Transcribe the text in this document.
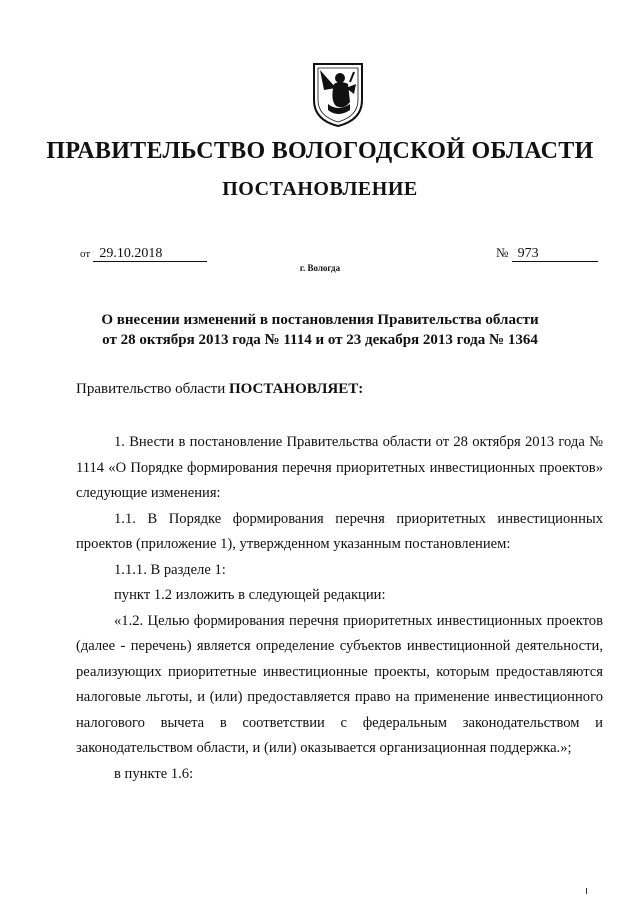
ПРАВИТЕЛЬСТВО ВОЛОГОДСКОЙ ОБЛАСТИ
ПОСТАНОВЛЕНИЕ
от 29.10.2018	№ 973
г. Вологда
О внесении изменений в постановления Правительства области
от 28 октября 2013 года № 1114 и от 23 декабря 2013 года № 1364
Правительство области ПОСТАНОВЛЯЕТ:

1. Внести в постановление Правительства области от 28 октября 2013 года № 1114 «О Порядке формирования перечня приоритетных инвестиционных проектов» следующие изменения:

1.1. В Порядке формирования перечня приоритетных инвестиционных проектов (приложение 1), утвержденном указанным постановлением:

1.1.1. В разделе 1:

пункт 1.2 изложить в следующей редакции:

«1.2. Целью формирования перечня приоритетных инвестиционных проектов (далее - перечень) является определение субъектов инвестиционной деятельности, реализующих приоритетные инвестиционные проекты, которым предоставляются налоговые льготы, и (или) предоставляется право на применение инвестиционного налогового вычета в соответствии с федеральным законодательством и законодательством области, и (или) оказывается организационная поддержка.»;

в пункте 1.6:
